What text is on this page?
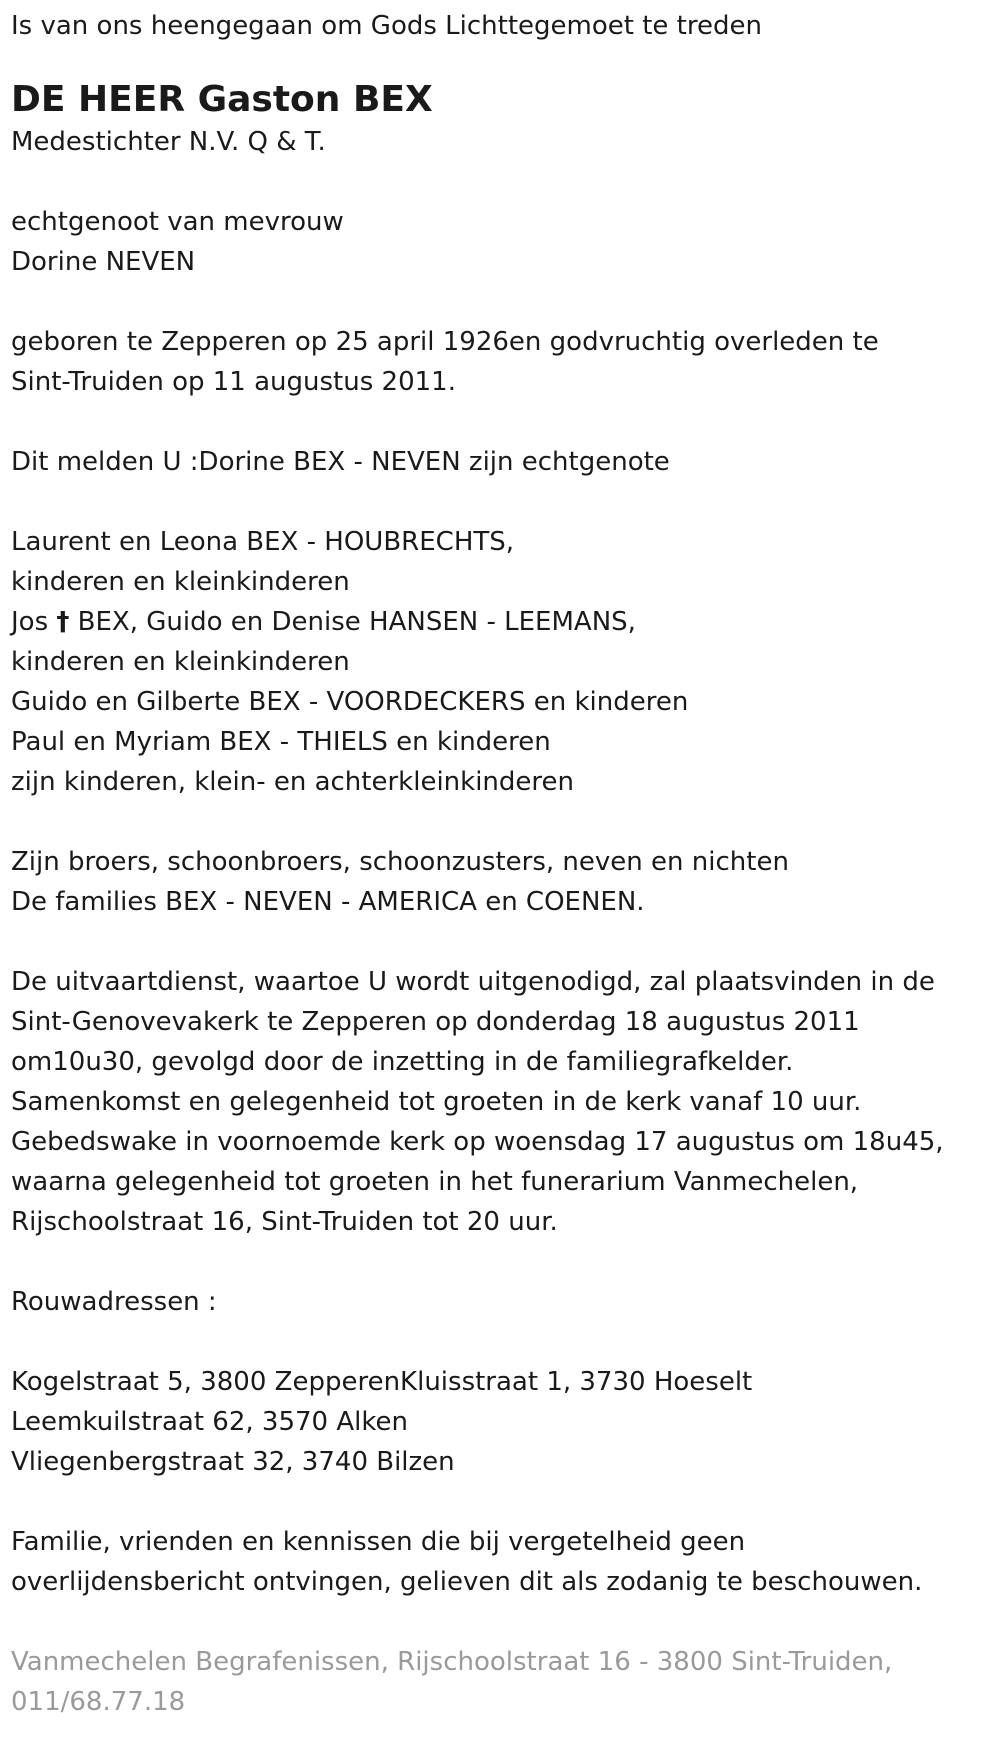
Is van ons heengegaan om Gods Lichttegemoet te treden

DE HEER Gaston BEX

Medestichter N.V. Q & T.

echtgenoot van mevrouw

Dorine NEVEN

geboren te Zepperen op 25 april 1926en godvruchtig overleden te

Sint-Truiden op 11 augustus 2011.

Dit melden U :Dorine BEX - NEVEN zijn echtgenote

Laurent en Leona BEX - HOUBRECHTS,

kinderen en kleinkinderen

Jos † BEX, Guido en Denise HANSEN - LEEMANS,

kinderen en kleinkinderen

Guido en Gilberte BEX - VOORDECKERS en kinderen

Paul en Myriam BEX - THIELS en kinderen

zijn kinderen, klein- en achterkleinkinderen

Zijn broers, schoonbroers, schoonzusters, neven en nichten

De families BEX - NEVEN - AMERICA en COENEN.

De uitvaartdienst, waartoe U wordt uitgenodigd, zal plaatsvinden in de

Sint-Genovevakerk te Zepperen op donderdag 18 augustus 2011

om10u30, gevolgd door de inzetting in de familiegrafkelder.

Samenkomst en gelegenheid tot groeten in de kerk vanaf 10 uur.

Gebedswake in voornoemde kerk op woensdag 17 augustus om 18u45,

waarna gelegenheid tot groeten in het funerarium Vanmechelen,

Rijschoolstraat 16, Sint-Truiden tot 20 uur.

Rouwadressen :

Kogelstraat 5, 3800 ZepperenKluisstraat 1, 3730 Hoeselt

Leemkuilstraat 62, 3570 Alken

Vliegenbergstraat 32, 3740 Bilzen

Familie, vrienden en kennissen die bij vergetelheid geen

overlijdensbericht ontvingen, gelieven dit als zodanig te beschouwen.

Vanmechelen Begrafenissen, Rijschoolstraat 16 - 3800 Sint-Truiden,

011/68.77.18
